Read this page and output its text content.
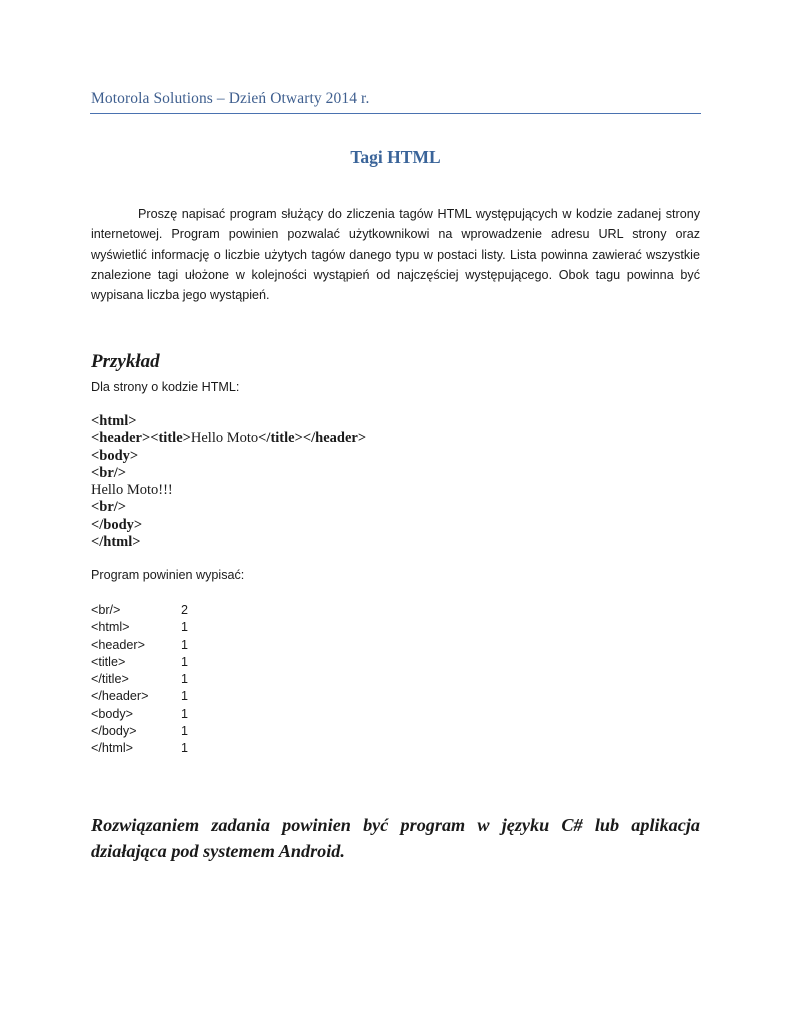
Motorola Solutions – Dzień Otwarty 2014 r.
Tagi HTML

Proszę napisać program służący do zliczenia tagów HTML występujących w kodzie zadanej strony internetowej. Program powinien pozwalać użytkownikowi na wprowadzenie adresu URL strony oraz wyświetlić informację o liczbie użytych tagów danego typu w postaci listy. Lista powinna zawierać wszystkie znalezione tagi ułożone w kolejności wystąpień od najczęściej występującego. Obok tagu powinna być wypisana liczba jego wystąpień.

Przykład

Dla strony o kodzie HTML:

<html>
<header><title>Hello Moto</title></header>
<body>
<br/>
Hello Moto!!!
<br/>
</body>
</html>

Program powinien wypisać:

<br/>	2
<html>	1
<header>	1
<title>	1
</title>	1
</header>	1
<body>	1
</body>	1
</html>	1

Rozwiązaniem zadania powinien być program w języku C# lub aplikacja działająca pod systemem Android.
